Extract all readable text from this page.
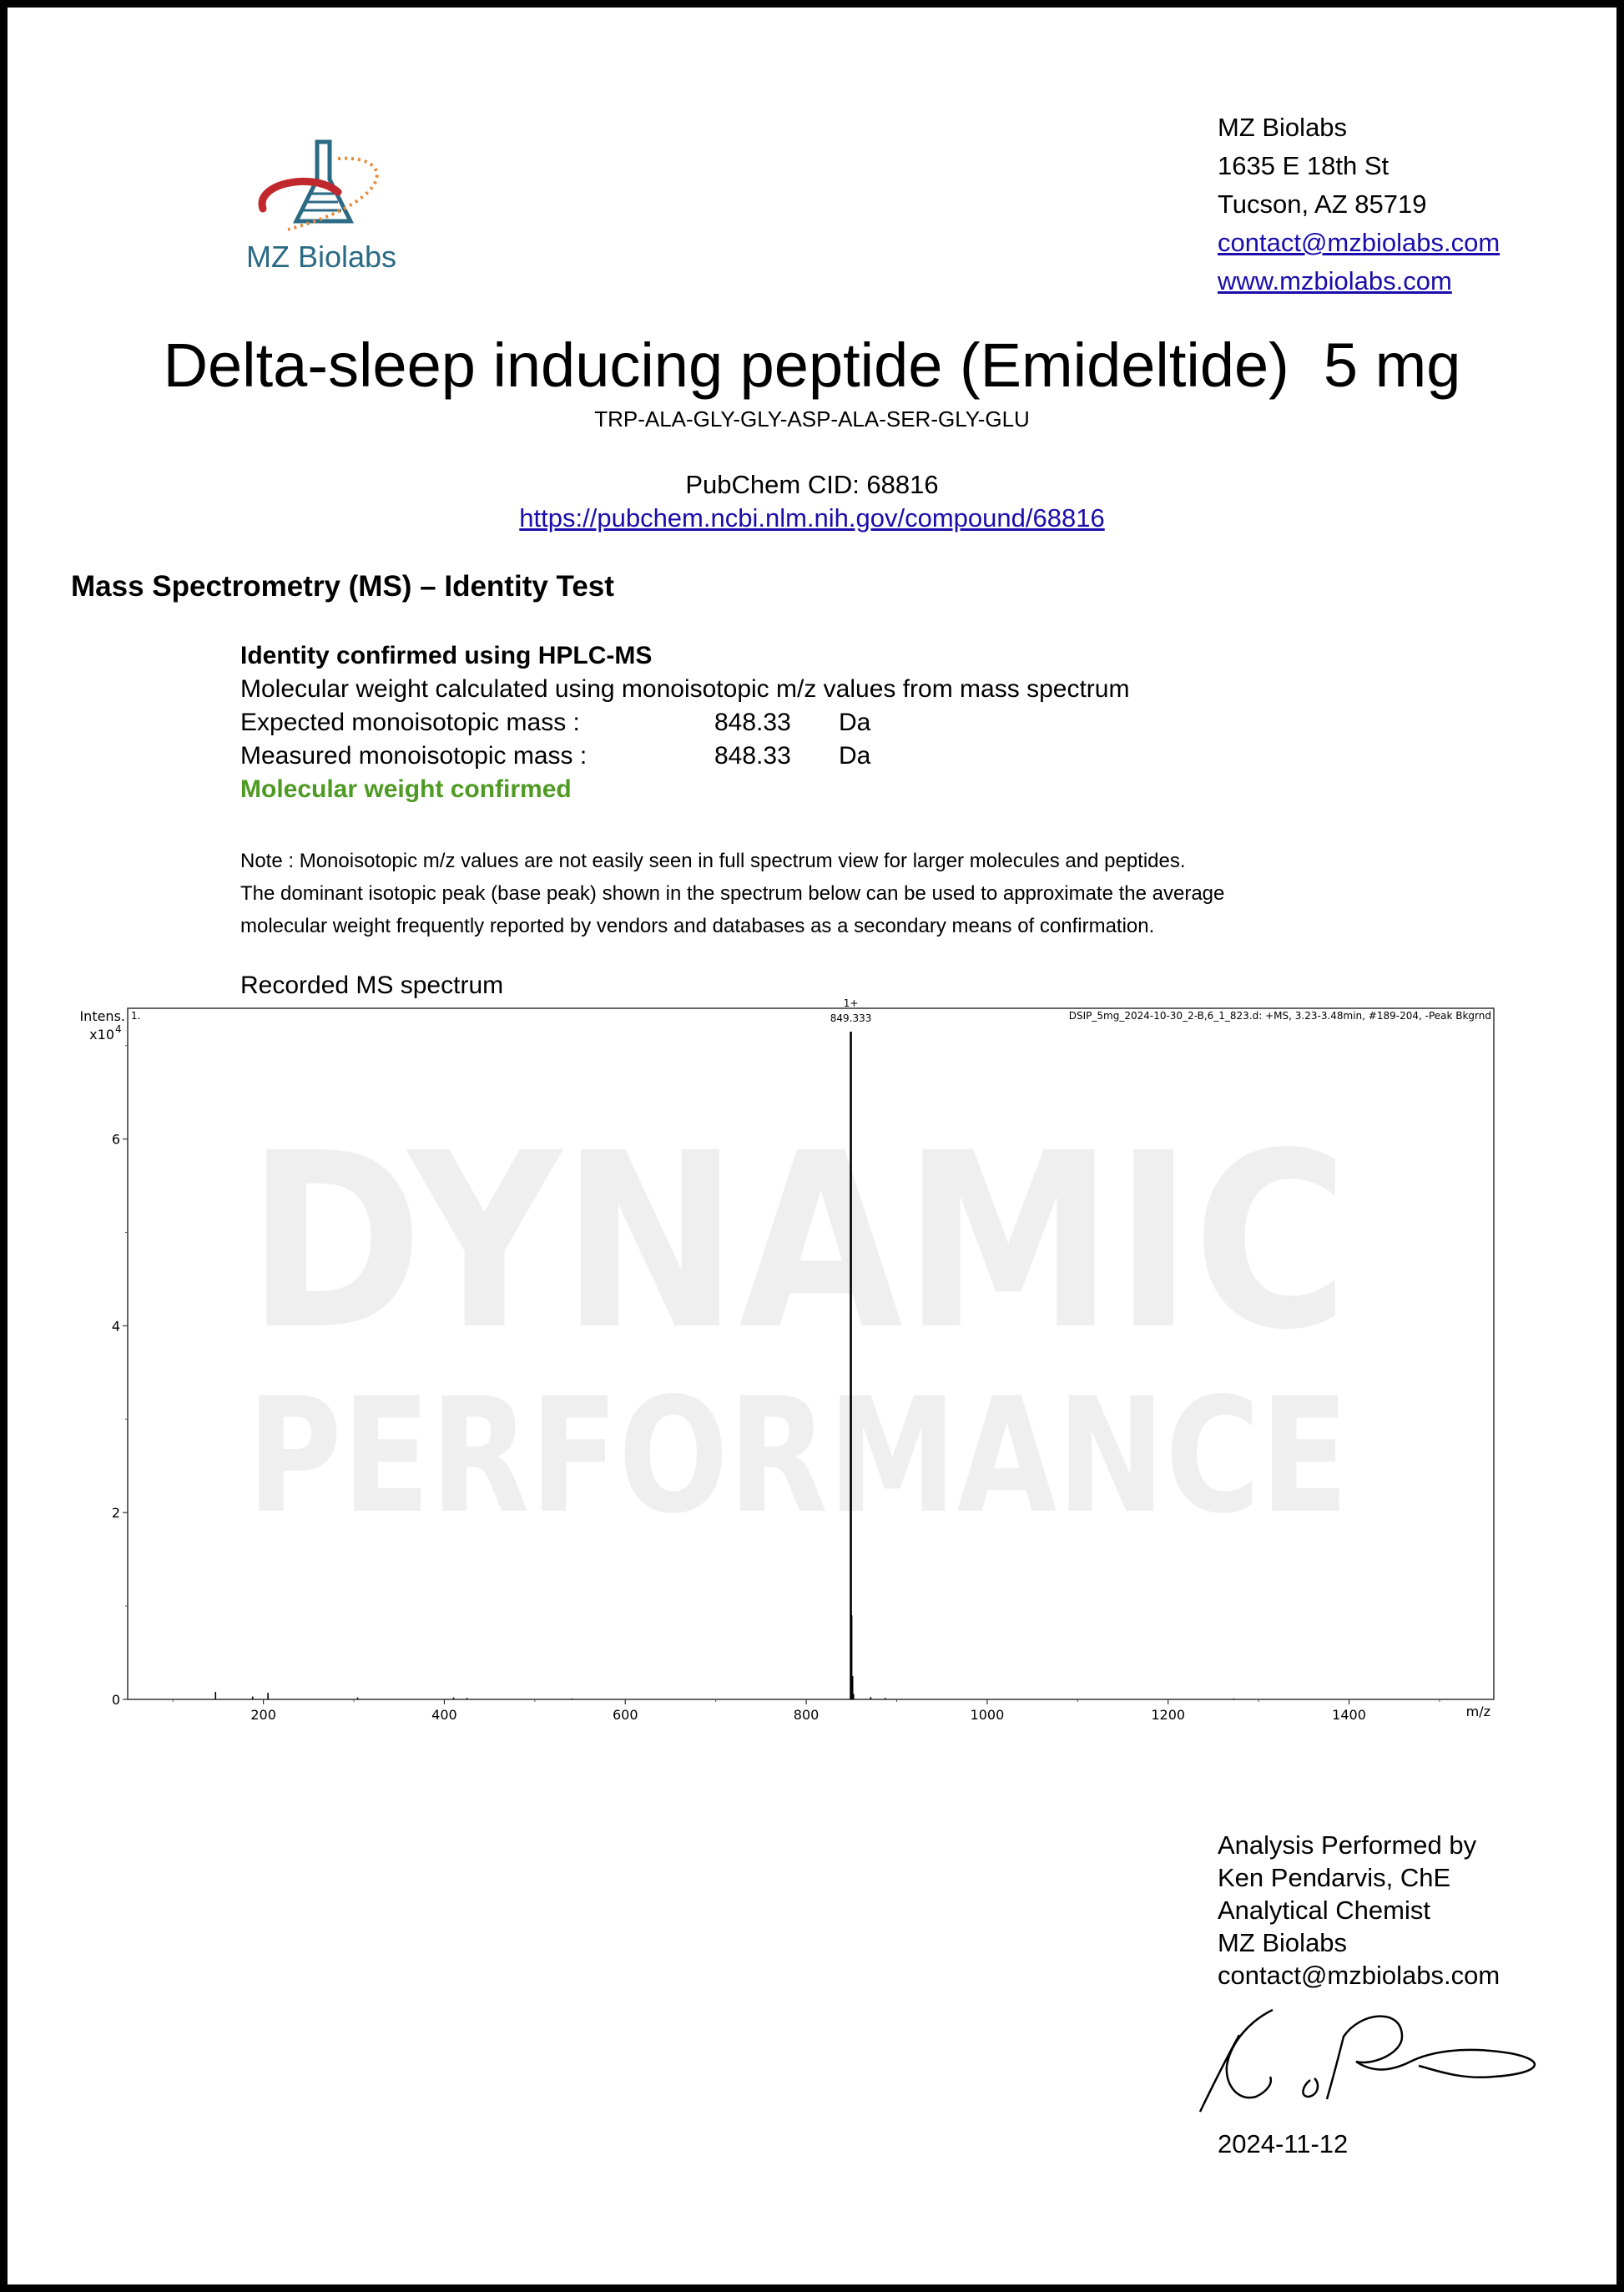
MZ Biolabs
MZ Biolabs
1635 E 18th St
Tucson, AZ 85719
contact@mzbiolabs.com
www.mzbiolabs.com
Delta-sleep inducing peptide (Emideltide)  5 mg
TRP-ALA-GLY-GLY-ASP-ALA-SER-GLY-GLU
PubChem CID: 68816
https://pubchem.ncbi.nlm.nih.gov/compound/68816
Mass Spectrometry (MS) – Identity Test
Identity confirmed using HPLC-MS
Molecular weight calculated using monoisotopic m/z values from mass spectrum
Expected monoisotopic mass :	848.33	Da
Measured monoisotopic mass :	848.33	Da
Molecular weight confirmed
Note : Monoisotopic m/z values are not easily seen in full spectrum view for larger molecules and peptides.
The dominant isotopic peak (base peak) shown in the spectrum below can be used to approximate the average
molecular weight frequently reported by vendors and databases as a secondary means of confirmation.
Recorded MS spectrum
DYNAMIC
PERFORMANCE
200	400	600	800	1000	1200	1400
0
2
4
6
1+
849.333
1.	DSIP_5mg_2024-10-30_2-B,6_1_823.d: +MS, 3.23-3.48min, #189-204, -Peak Bkgrnd
Intens.
x10 4
m/z
Analysis Performed by
Ken Pendarvis, ChE
Analytical Chemist
MZ Biolabs
contact@mzbiolabs.com
2024-11-12
